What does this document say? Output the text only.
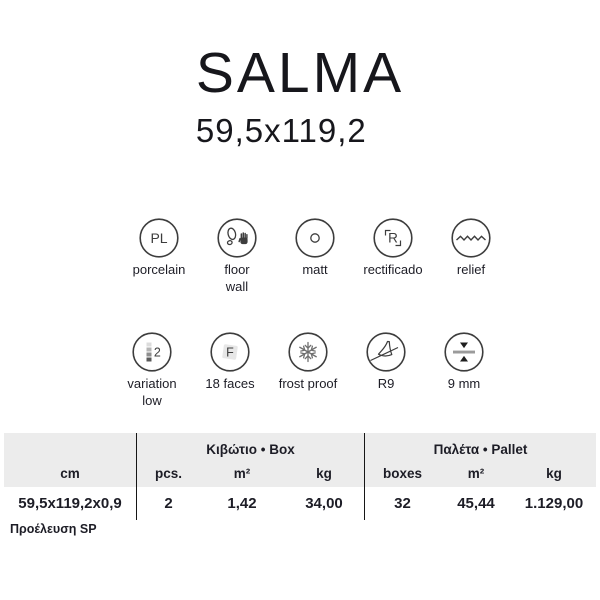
SALMA
59,5x119,2
PL
porcelain	floor
wall
matt
R
rectificado	relief
2
variation
low
F
18 faces frost proof	R9	9 mm
Κιβώτιο • Box	Παλέτα • Pallet
cm	pcs.	m²	kg	boxes	m²	kg
59,5x119,2x0,9	2	1,42	34,00	32	45,44	1.129,00
Προέλευση SP
